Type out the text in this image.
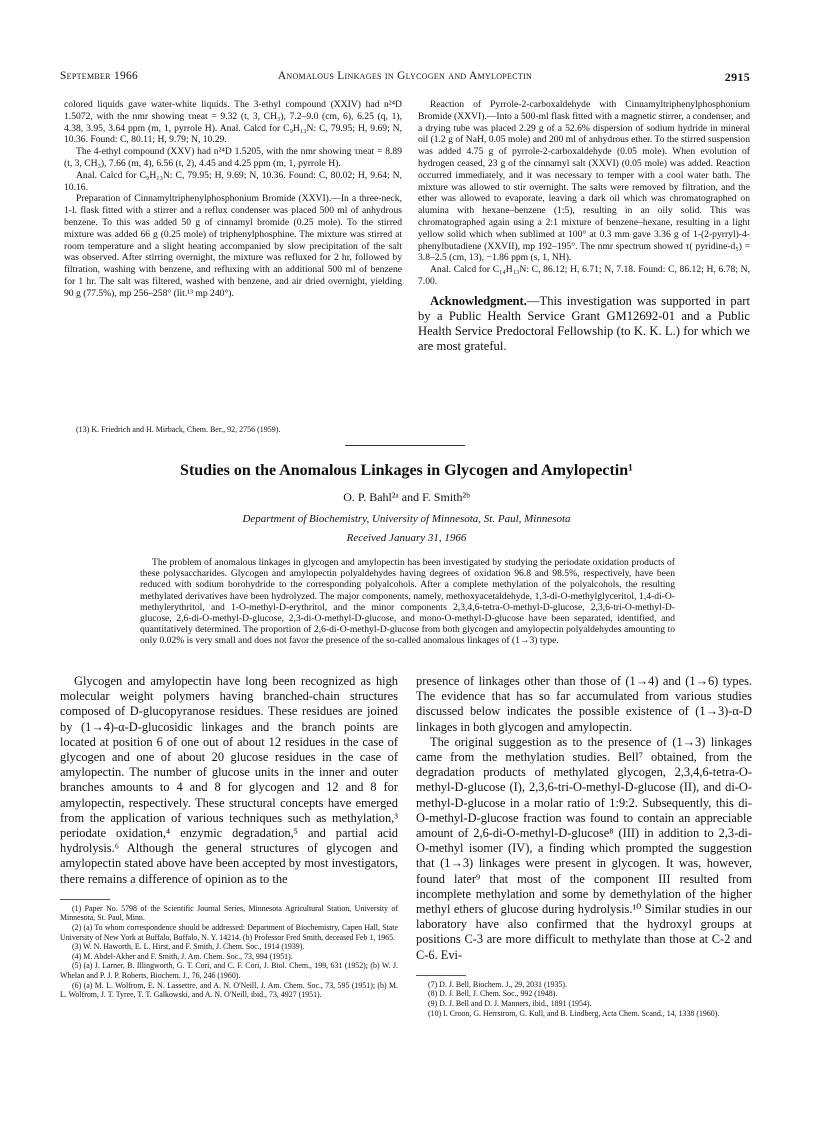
September 1966	Anomalous Linkages in Glycogen and Amylopectin	2915

colored liquids gave water-white liquids. The 3-ethyl compound (XXIV) had n²⁴D 1.5072, with the nmr showing τneat = 9.32 (t, 3, CH₃), 7.2–9.0 (cm, 6), 6.25 (q, 1), 4.38, 3.95, 3.64 ppm (m, 1, pyrrole H). Anal. Calcd for C₉H₁₃N: C, 79.95; H, 9.69; N, 10.36. Found: C, 80.11; H, 9.79; N, 10.29.

The 4-ethyl compound (XXV) had n²⁴D 1.5205, with the nmr showing τneat = 8.89 (t, 3, CH₃), 7.66 (m, 4), 6.56 (t, 2), 4.45 and 4.25 ppm (m, 1, pyrrole H).

Anal. Calcd for C₉H₁₃N: C, 79.95; H, 9.69; N, 10.36. Found: C, 80.02; H, 9.64; N, 10.16.

Preparation of Cinnamyltriphenylphosphonium Bromide (XXVI).—In a three-neck, 1-l. flask fitted with a stirrer and a reflux condenser was placed 500 ml of anhydrous benzene. To this was added 50 g of cinnamyl bromide (0.25 mole). To the stirred mixture was added 66 g (0.25 mole) of triphenylphosphine. The mixture was stirred at room temperature and a slight heating accompanied by slow precipitation of the salt was observed. After stirring overnight, the mixture was refluxed for 2 hr, followed by filtration, washing with benzene, and refluxing with an additional 500 ml of benzene for 1 hr. The salt was filtered, washed with benzene, and air dried overnight, yielding 90 g (77.5%), mp 256–258° (lit.¹³ mp 240°).

(13) K. Friedrich and H. Mirback, Chem. Ber., 92, 2756 (1959).

Reaction of Pyrrole-2-carboxaldehyde with Cinnamyltriphenylphosphonium Bromide (XXVI).—Into a 500-ml flask fitted with a magnetic stirrer, a condenser, and a drying tube was placed 2.29 g of a 52.6% dispersion of sodium hydride in mineral oil (1.2 g of NaH, 0.05 mole) and 200 ml of anhydrous ether. To the stirred suspension was added 4.75 g of pyrrole-2-carboxaldehyde (0.05 mole). When evolution of hydrogen ceased, 23 g of the cinnamyl salt (XXVI) (0.05 mole) was added. Reaction occurred immediately, and it was necessary to temper with a cool water bath. The mixture was allowed to stir overnight. The salts were removed by filtration, and the ether was allowed to evaporate, leaving a dark oil which was chromatographed on alumina with hexane–benzene (1:5), resulting in an oily solid. This was chromatographed again using a 2:1 mixture of benzene–hexane, resulting in a light yellow solid which when sublimed at 100° at 0.3 mm gave 3.36 g of 1-(2-pyrryl)-4-phenylbutadiene (XXVII), mp 192–195°. The nmr spectrum showed τ( pyridine-d₅) = 3.8–2.5 (cm, 13), −1.86 ppm (s, 1, NH).

Anal. Calcd for C₁₄H₁₃N: C, 86.12; H, 6.71; N, 7.18. Found: C, 86.12; H, 6.78; N, 7.00.

Acknowledgment.—This investigation was supported in part by a Public Health Service Grant GM12692-01 and a Public Health Service Predoctoral Fellowship (to K. K. L.) for which we are most grateful.

Studies on the Anomalous Linkages in Glycogen and Amylopectin¹
O. P. Bahl²ᵃ and F. Smith²ᵇ
Department of Biochemistry, University of Minnesota, St. Paul, Minnesota
Received January 31, 1966
The problem of anomalous linkages in glycogen and amylopectin has been investigated by studying the periodate oxidation products of these polysaccharides. Glycogen and amylopectin polyaldehydes having degrees of oxidation 96.8 and 98.5%, respectively, have been reduced with sodium borohydride to the corresponding polyalcohols. After a complete methylation of the polyalcohols, the resulting methylated derivatives have been hydrolyzed. The major components, namely, methoxyacetaldehyde, 1,3-di-O-methylglyceritol, 1,4-di-O-methylerythritol, and 1-O-methyl-D-erythritol, and the minor components 2,3,4,6-tetra-O-methyl-D-glucose, 2,3,6-tri-O-methyl-D-glucose, 2,6-di-O-methyl-D-glucose, 2,3-di-O-methyl-D-glucose, and mono-O-methyl-D-glucose have been separated, identified, and quantitatively determined. The proportion of 2,6-di-O-methyl-D-glucose from both glycogen and amylopectin polyaldehydes amounting to only 0.02% is very small and does not favor the presence of the so-called anomalous linkages of (1→3) type.

Glycogen and amylopectin have long been recognized as high molecular weight polymers having branched-chain structures composed of D-glucopyranose residues. These residues are joined by (1→4)-α-D-glucosidic linkages and the branch points are located at position 6 of one out of about 12 residues in the case of glycogen and one of about 20 glucose residues in the case of amylopectin. The number of glucose units in the inner and outer branches amounts to 4 and 8 for glycogen and 12 and 8 for amylopectin, respectively. These structural concepts have emerged from the application of various techniques such as methylation,³ periodate oxidation,⁴ enzymic degradation,⁵ and partial acid hydrolysis.⁶ Although the general structures of glycogen and amylopectin stated above have been accepted by most investigators, there remains a difference of opinion as to the

(1) Paper No. 5798 of the Scientific Journal Series, Minnesota Agricultural Station, University of Minnesota, St. Paul, Minn.
(2) (a) To whom correspondence should be addressed: Department of Biochemistry, Capen Hall, State University of New York at Buffalo, Buffalo, N. Y. 14214. (b) Professor Fred Smith, deceased Feb 1, 1965.
(3) W. N. Haworth, E. L. Hirst, and F. Smith, J. Chem. Soc., 1914 (1939).
(4) M. Abdel-Akher and F. Smith, J. Am. Chem. Soc., 73, 994 (1951).
(5) (a) J. Larner, B. Illingworth, G. T. Cori, and C. F. Cori, J. Biol. Chem., 199, 631 (1952); (b) W. J. Whelan and P. J. P. Roberts, Biochem. J., 76, 246 (1960).
(6) (a) M. L. Wolfrom, E. N. Lassettre, and A. N. O'Neill, J. Am. Chem. Soc., 73, 595 (1951); (b) M. L. Wolfrom, J. T. Tyree, T. T. Galkowski, and A. N. O'Neill, ibid., 73, 4927 (1951).

presence of linkages other than those of (1→4) and (1→6) types. The evidence that has so far accumulated from various studies discussed below indicates the possible existence of (1→3)-α-D linkages in both glycogen and amylopectin.

The original suggestion as to the presence of (1→3) linkages came from the methylation studies. Bell⁷ obtained, from the degradation products of methylated glycogen, 2,3,4,6-tetra-O-methyl-D-glucose (I), 2,3,6-tri-O-methyl-D-glucose (II), and di-O-methyl-D-glucose in a molar ratio of 1:9:2. Subsequently, this di-O-methyl-D-glucose fraction was found to contain an appreciable amount of 2,6-di-O-methyl-D-glucose⁸ (III) in addition to 2,3-di-O-methyl isomer (IV), a finding which prompted the suggestion that (1→3) linkages were present in glycogen. It was, however, found later⁹ that most of the component III resulted from incomplete methylation and some by demethylation of the higher methyl ethers of glucose during hydrolysis.¹⁰ Similar studies in our laboratory have also confirmed that the hydroxyl groups at positions C-3 are more difficult to methylate than those at C-2 and C-6. Evi-

(7) D. J. Bell, Biochem. J., 29, 2031 (1935).
(8) D. J. Bell, J. Chem. Soc., 992 (1948).
(9) D. J. Bell and D. J. Manners, ibid., 1891 (1954).
(10) I. Croon, G. Herrstrom, G. Kull, and B. Lindberg, Acta Chem. Scand., 14, 1338 (1960).
